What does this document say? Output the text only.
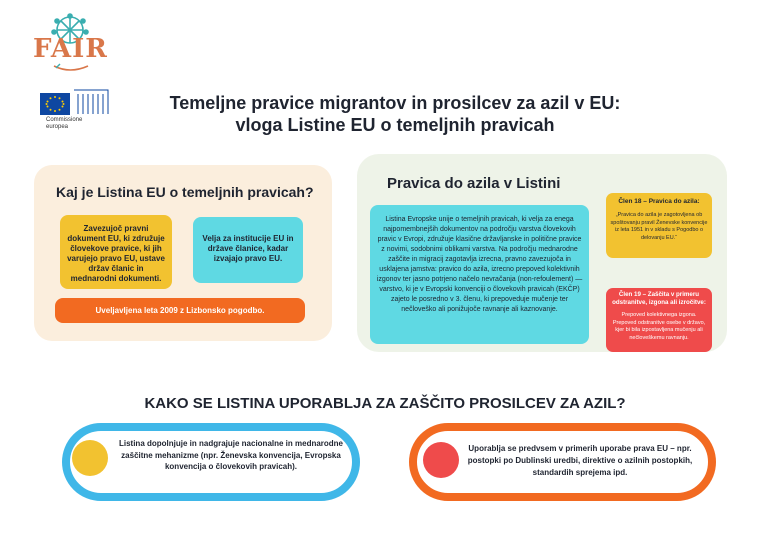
FAIR
Commissione
europea
Temeljne pravice migrantov in prosilcev za azil v EU:
vloga Listine EU o temeljnih pravicah
Kaj je Listina EU o temeljnih pravicah?
Zavezujoč pravni dokument EU, ki združuje človekove pravice, ki jih varujejo pravo EU, ustave držav članic in mednarodni dokumenti.
Velja za institucije EU in države članice, kadar izvajajo pravo EU.
Uveljavljena leta 2009 z Lizbonsko pogodbo.
Pravica do azila v Listini
Listina Evropske unije o temeljnih pravicah, ki velja za enega najpomembnejših dokumentov na področju varstva človekovih pravic v Evropi, združuje klasične državljanske in politične pravice z novimi, sodobnimi oblikami varstva. Na področju mednarodne zaščite in migracij zagotavlja izrecna, pravno zavezujoča in usklajena jamstva: pravico do azila, izrecno prepoved kolektivnih izgonov ter jasno potrjeno načelo nevračanja (non-refoulement) — varstvo, ki je v Evropski konvenciji o človekovih pravicah (EKČP) zajeto le posredno v 3. členu, ki prepoveduje mučenje ter nečloveško ali ponižujoče ravnanje ali kaznovanje.
Člen 18 – Pravica do azila:
„Pravica do azila je zagotovljena ob spoštovanju pravil Ženevske konvencije iz leta 1951 in v skladu s Pogodbo o delovanju EU.“
Člen 19 – Zaščita v primeru odstranitve, izgona ali izročitve:
Prepoved kolektivnega izgona. Prepoved odstranitve osebe v državo, kjer bi bila izpostavljena mučenju ali nečloveškemu ravnanju.
KAKO SE LISTINA UPORABLJA ZA ZAŠČITO PROSILCEV ZA AZIL?
Listina dopolnjuje in nadgrajuje nacionalne in mednarodne zaščitne mehanizme (npr. Ženevska konvencija, Evropska konvencija o človekovih pravicah).
Uporablja se predvsem v primerih uporabe prava EU – npr. postopki po Dublinski uredbi, direktive o azilnih postopkih, standardih sprejema ipd.
